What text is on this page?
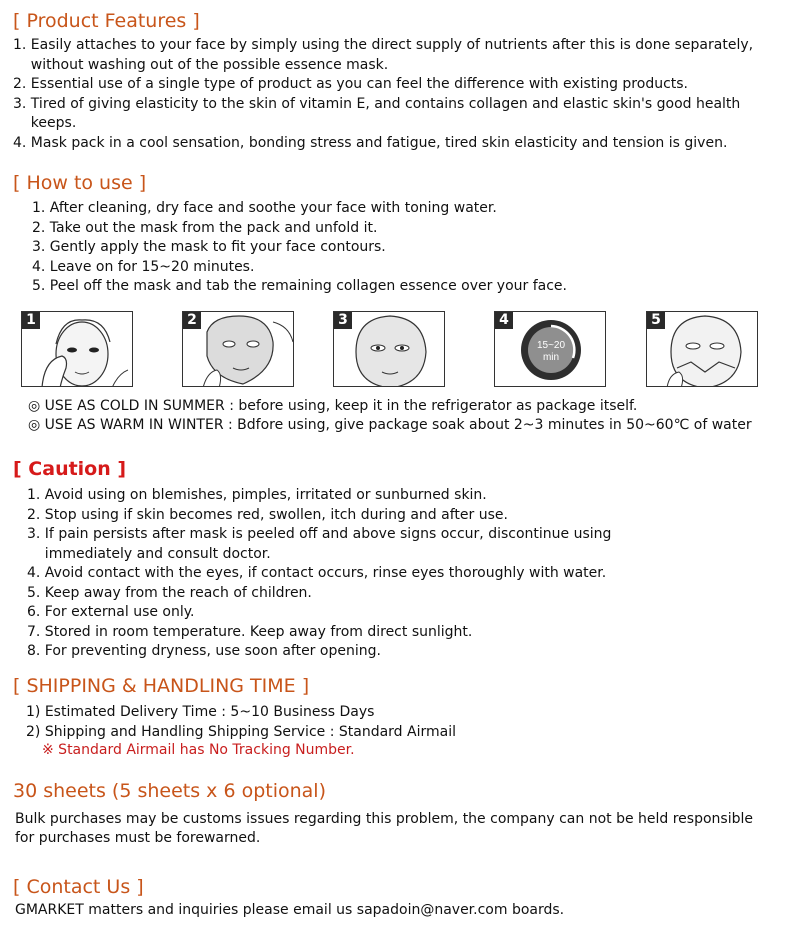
[ Product Features ]
1. Easily attaches to your face by simply using the direct supply of nutrients after this is done separately,
without washing out of the possible essence mask.
2. Essential use of a single type of product as you can feel the difference with existing products.
3. Tired of giving elasticity to the skin of vitamin E, and contains collagen and elastic skin's good health
keeps.
4. Mask pack in a cool sensation, bonding stress and fatigue, tired skin elasticity and tension is given.
[ How to use ]
1. After cleaning, dry face and soothe your face with toning water.
2. Take out the mask from the pack and unfold it.
3. Gently apply the mask to fit your face contours.
4. Leave on for 15~20 minutes.
5. Peel off the mask and tab the remaining collagen essence over your face.
1	2	3
15~20
min
4	5

◎ USE AS COLD IN SUMMER : before using, keep it in the refrigerator as package itself.

◎ USE AS WARM IN WINTER : Bdfore using, give package soak about 2~3 minutes in 50~60℃ of water

[ Caution ]
1. Avoid using on blemishes, pimples, irritated or sunburned skin.
2. Stop using if skin becomes red, swollen, itch during and after use.
3. If pain persists after mask is peeled off and above signs occur, discontinue using
immediately and consult doctor.
4. Avoid contact with the eyes, if contact occurs, rinse eyes thoroughly with water.
5. Keep away from the reach of children.
6. For external use only.
7. Stored in room temperature. Keep away from direct sunlight.
8. For preventing dryness, use soon after opening.
[ SHIPPING & HANDLING TIME ]
1) Estimated Delivery Time : 5~10 Business Days
2) Shipping and Handling Shipping Service : Standard Airmail

※ Standard Airmail has No Tracking Number.

30 sheets (5 sheets x 6 optional)

Bulk purchases may be customs issues regarding this problem, the company can not be held responsible

for purchases must be forewarned.

[ Contact Us ]

GMARKET matters and inquiries please email us sapadoin@naver.com boards.
